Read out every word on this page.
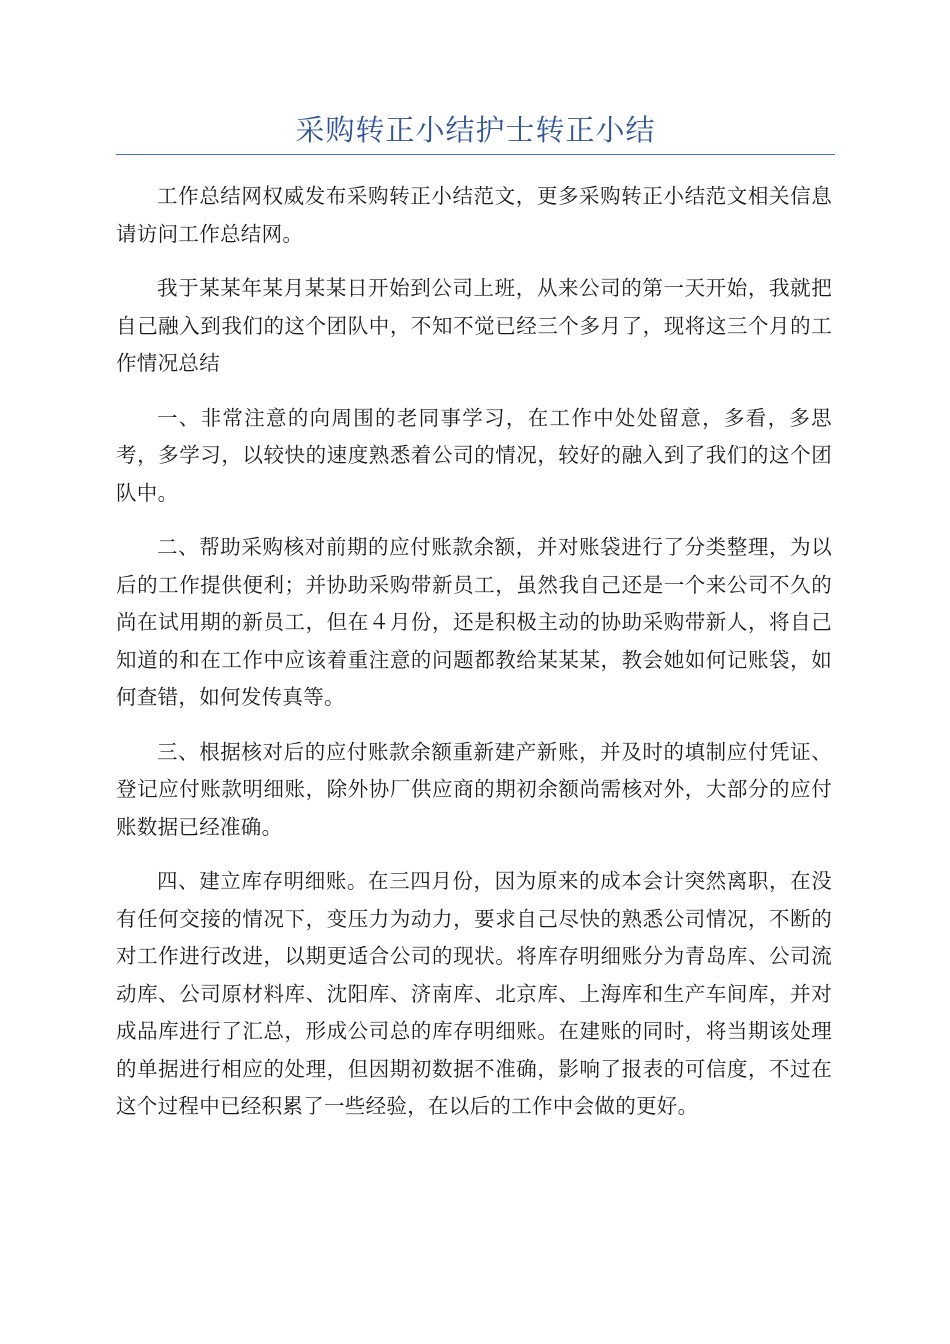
采购转正小结护士转正小结

工作总结网权威发布采购转正小结范文，更多采购转正小结范文相关信息请访问工作总结网。

我于某某年某月某某日开始到公司上班，从来公司的第一天开始，我就把自己融入到我们的这个团队中，不知不觉已经三个多月了，现将这三个月的工作情况总结

一、非常注意的向周围的老同事学习，在工作中处处留意，多看，多思考，多学习，以较快的速度熟悉着公司的情况，较好的融入到了我们的这个团队中。

二、帮助采购核对前期的应付账款余额，并对账袋进行了分类整理，为以后的工作提供便利；并协助采购带新员工，虽然我自己还是一个来公司不久的尚在试用期的新员工，但在４月份，还是积极主动的协助采购带新人，将自己知道的和在工作中应该着重注意的问题都教给某某某，教会她如何记账袋，如何查错，如何发传真等。

三、根据核对后的应付账款余额重新建产新账，并及时的填制应付凭证、登记应付账款明细账，除外协厂供应商的期初余额尚需核对外，大部分的应付账数据已经准确。

四、建立库存明细账。在三四月份，因为原来的成本会计突然离职，在没有任何交接的情况下，变压力为动力，要求自己尽快的熟悉公司情况，不断的对工作进行改进，以期更适合公司的现状。将库存明细账分为青岛库、公司流动库、公司原材料库、沈阳库、济南库、北京库、上海库和生产车间库，并对成品库进行了汇总，形成公司总的库存明细账。在建账的同时，将当期该处理的单据进行相应的处理，但因期初数据不准确，影响了报表的可信度，不过在这个过程中已经积累了一些经验，在以后的工作中会做的更好。
